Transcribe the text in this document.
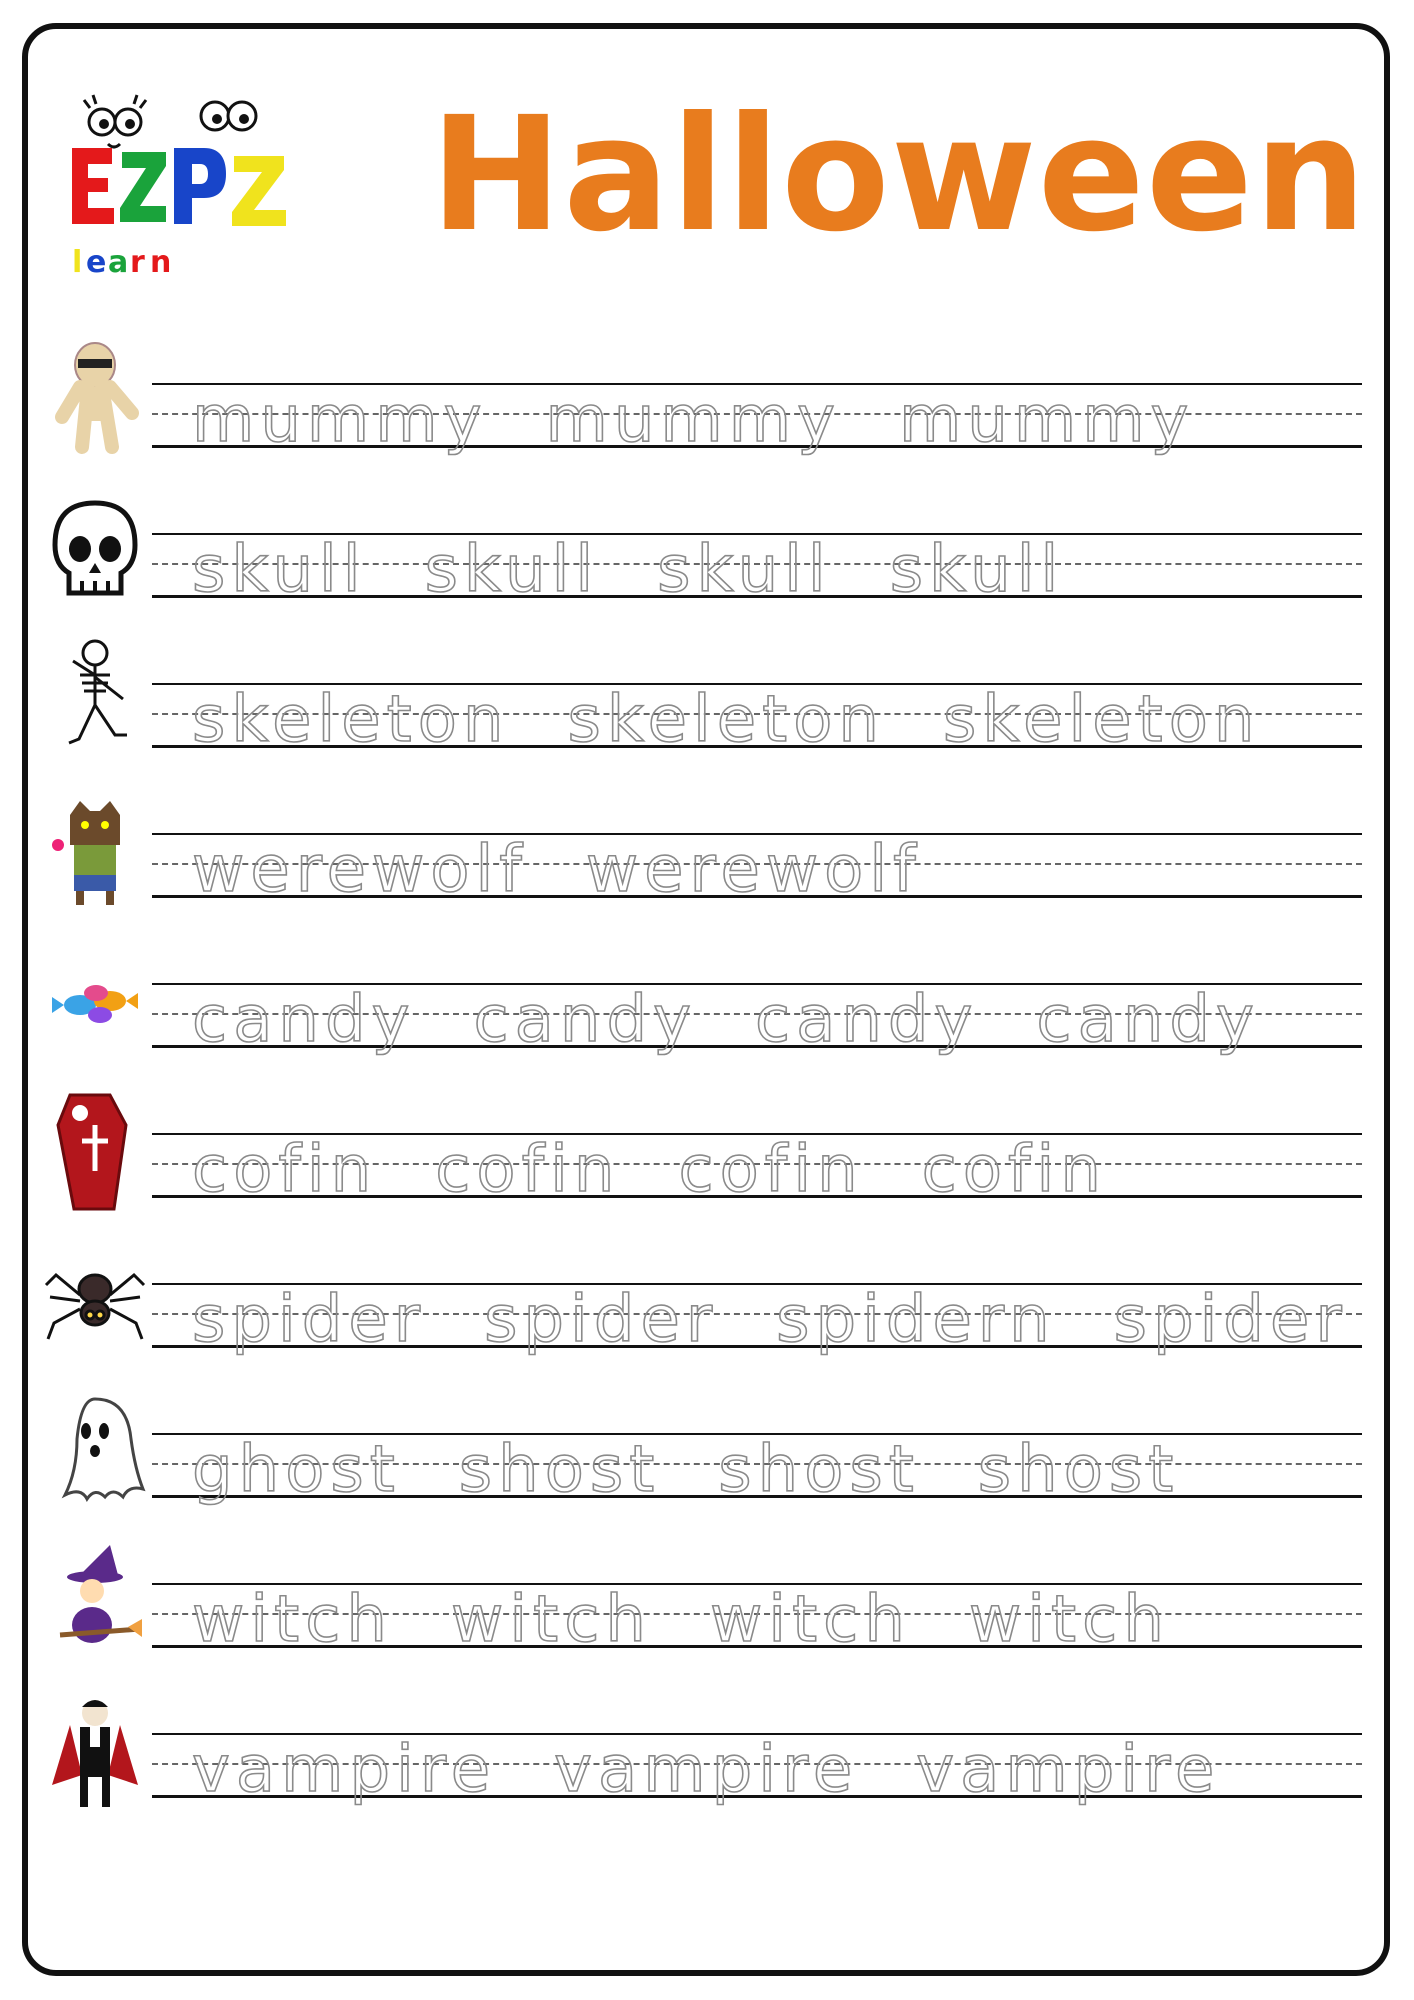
l e a r n Halloween
mummy mummy mummy
skull skull skull skull
skeleton skeleton skeleton
werewolf werewolf
candy candy candy candy
cofin cofin cofin cofin
spider spider spidern spider
ghost shost shost shost
witch witch witch witch
vampire vampire vampire
